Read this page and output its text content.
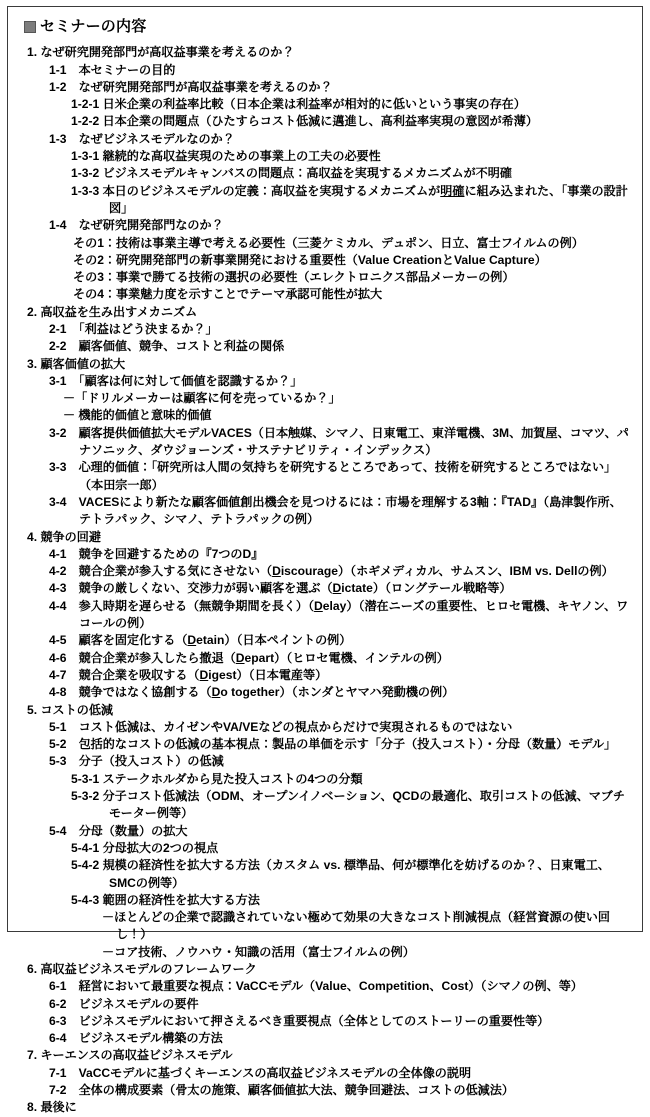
セミナーの内容
1. なぜ研究開発部門が高収益事業を考えるのか？
1-1　本セミナーの目的
1-2　なぜ研究開発部門が高収益事業を考えるのか？
1-2-1 日米企業の利益率比較（日本企業は利益率が相対的に低いという事実の存在）
1-2-2 日本企業の問題点（ひたすらコスト低減に邁進し、高利益率実現の意図が希薄）
1-3　なぜビジネスモデルなのか？
1-3-1 継続的な高収益実現のための事業上の工夫の必要性
1-3-2 ビジネスモデルキャンバスの問題点：高収益を実現するメカニズムが不明確
1-3-3 本日のビジネスモデルの定義：高収益を実現するメカニズムが明確に組み込まれた、「事業の設計図」
1-4　なぜ研究開発部門なのか？
その1：技術は事業主導で考える必要性（三菱ケミカル、デュポン、日立、富士フイルムの例）
その2：研究開発部門の新事業開発における重要性（Value CreationとValue Capture）
その3：事業で勝てる技術の選択の必要性（エレクトロニクス部品メーカーの例）
その4：事業魅力度を示すことでテーマ承認可能性が拡大
2. 高収益を生み出すメカニズム
2-1　「利益はどう決まるか？」
2-2　顧客価値、競争、コストと利益の関係
3. 顧客価値の拡大
3-1　「顧客は何に対して価値を認識するか？」
－「ドリルメーカーは顧客に何を売っているか？」
－ 機能的価値と意味的価値
3-2　顧客提供価値拡大モデルVACES（日本触媒、シマノ、日東電工、東洋電機、3M、加賀屋、コマツ、パナソニック、ダウジョーンズ・サステナビリティ・インデックス）
3-3　心理的価値：「研究所は人間の気持ちを研究するところであって、技術を研究するところではない」（本田宗一郎）
3-4　VACESにより新たな顧客価値創出機会を見つけるには：市場を理解する3軸：『TAD』（島津製作所、テトラパック、シマノ、テトラパックの例）
4. 競争の回避
4-1　競争を回避するための『7つのD』
4-2　競合企業が参入する気にさせない（Discourage）（ホギメディカル、サムスン、IBM vs. Dellの例）
4-3　競争の厳しくない、交渉力が弱い顧客を選ぶ（Dictate）（ロングテール戦略等）
4-4　参入時期を遅らせる（無競争期間を長く）（Delay）（潜在ニーズの重要性、ヒロセ電機、キヤノン、ワコールの例）
4-5　顧客を固定化する（Detain）（日本ペイントの例）
4-6　競合企業が参入したら撤退（Depart）（ヒロセ電機、インテルの例）
4-7　競合企業を吸収する（Digest）（日本電産等）
4-8　競争ではなく協創する（Do together）（ホンダとヤマハ発動機の例）
5. コストの低減
5-1　コスト低減は、カイゼンやVA/VEなどの視点からだけで実現されるものではない
5-2　包括的なコストの低減の基本視点：製品の単価を示す「分子（投入コスト）・分母（数量）モデル」
5-3　分子（投入コスト）の低減
5-3-1 ステークホルダから見た投入コストの4つの分類
5-3-2 分子コスト低減法（ODM、オープンイノベーション、QCDの最適化、取引コストの低減、マブチモーター例等）
5-4　分母（数量）の拡大
5-4-1 分母拡大の2つの視点
5-4-2 規模の経済性を拡大する方法（カスタム vs. 標準品、何が標準化を妨げるのか？、日東電工、SMCの例等）
5-4-3 範囲の経済性を拡大する方法
－ほとんどの企業で認識されていない極めて効果の大きなコスト削減視点（経営資源の使い回し！）
－コア技術、ノウハウ・知識の活用（富士フイルムの例）
6. 高収益ビジネスモデルのフレームワーク
6-1　経営において最重要な視点：VaCCモデル（Value、Competition、Cost）（シマノの例、等）
6-2　ビジネスモデルの要件
6-3　ビジネスモデルにおいて押さえるべき重要視点（全体としてのストーリーの重要性等）
6-4　ビジネスモデル構築の方法
7. キーエンスの高収益ビジネスモデル
7-1　VaCCモデルに基づくキーエンスの高収益ビジネスモデルの全体像の説明
7-2　全体の構成要素（骨太の施策、顧客価値拡大法、競争回避法、コストの低減法）
8. 最後に
